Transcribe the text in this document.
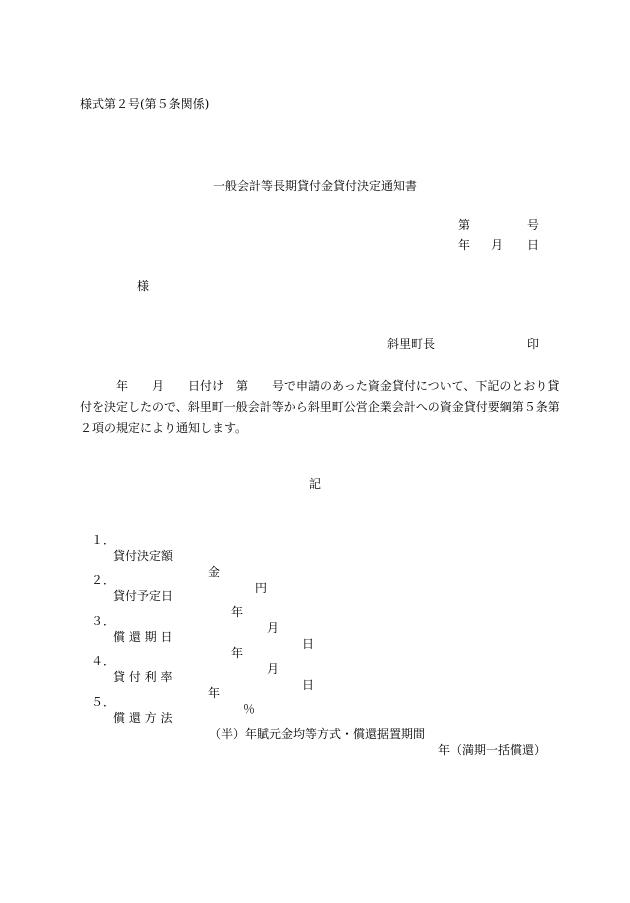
様式第２号(第５条関係)
一般会計等長期貸付金貸付決定通知書
第	号
年 月 日
様
斜里町長	印
　　　年　　月　　日付け　第　　号で申請のあった資金貸付について、下記のとおり貸
付を決定したので、斜里町一般会計等から斜里町公営企業会計への資金貸付要綱第５条第
２項の規定により通知します。
記

１．

貸付決定額

金

円

２．

貸付予定日

年

月

日

３．

償 還 期 日

年

月

日

４．

貸 付 利 率

年

％

５．

償 還 方 法

（半）年賦元金均等方式・償還据置期間

年（満期一括償還）
